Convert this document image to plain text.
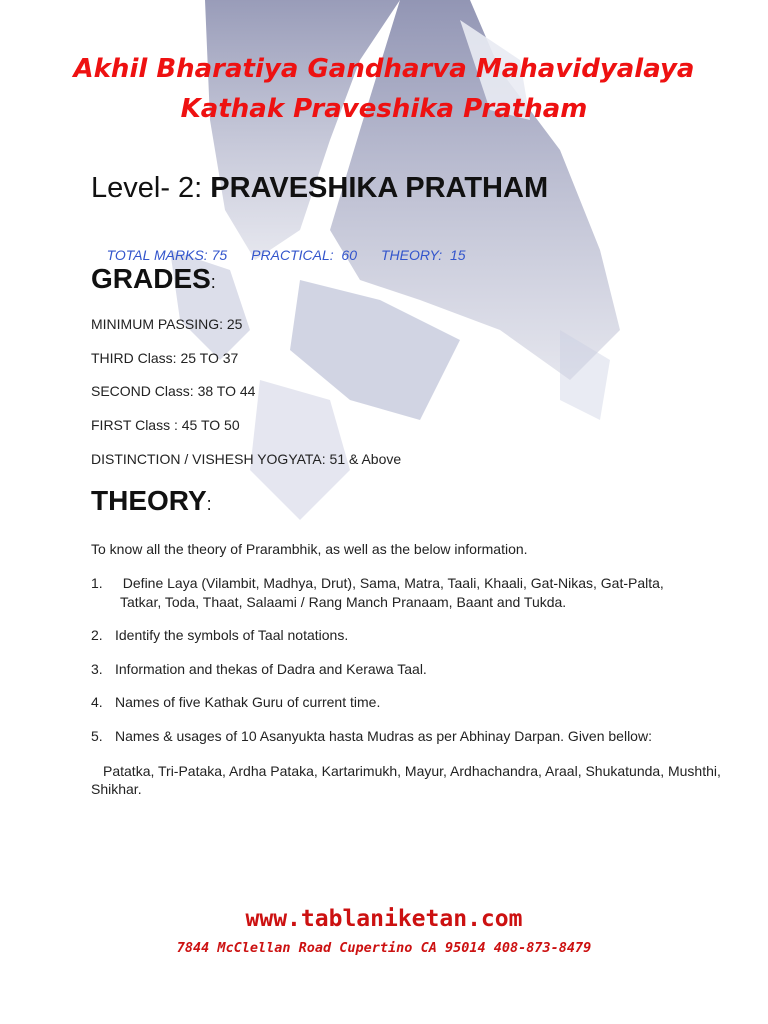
Akhil Bharatiya Gandharva Mahavidyalaya
Kathak Praveshika Pratham
Level- 2: PRAVESHIKA PRATHAM

TOTAL MARKS: 75 PRACTICAL:  60 THEORY:  15

GRADES:
MINIMUM PASSING: 25
THIRD Class: 25 TO 37
SECOND Class: 38 TO 44
FIRST Class : 45 TO 50
DISTINCTION / VISHESH YOGYATA: 51 & Above
THEORY:
To know all the theory of Prarambhik, as well as the below information.
1. Define Laya (Vilambit, Madhya, Drut), Sama, Matra, Taali, Khaali, Gat-Nikas, Gat-Palta,
Tatkar, Toda, Thaat, Salaami / Rang Manch Pranaam, Baant and Tukda.
2. Identify the symbols of Taal notations.
3. Information and thekas of Dadra and Kerawa Taal.
4. Names of five Kathak Guru of current time.
5. Names & usages of 10 Asanyukta hasta Mudras as per Abhinay Darpan. Given bellow:
Patatka, Tri-Pataka, Ardha Pataka, Kartarimukh, Mayur, Ardhachandra, Araal, Shukatunda, Mushthi, Shikhar.
www.tablaniketan.com
7844 McClellan Road Cupertino CA 95014 408-873-8479
